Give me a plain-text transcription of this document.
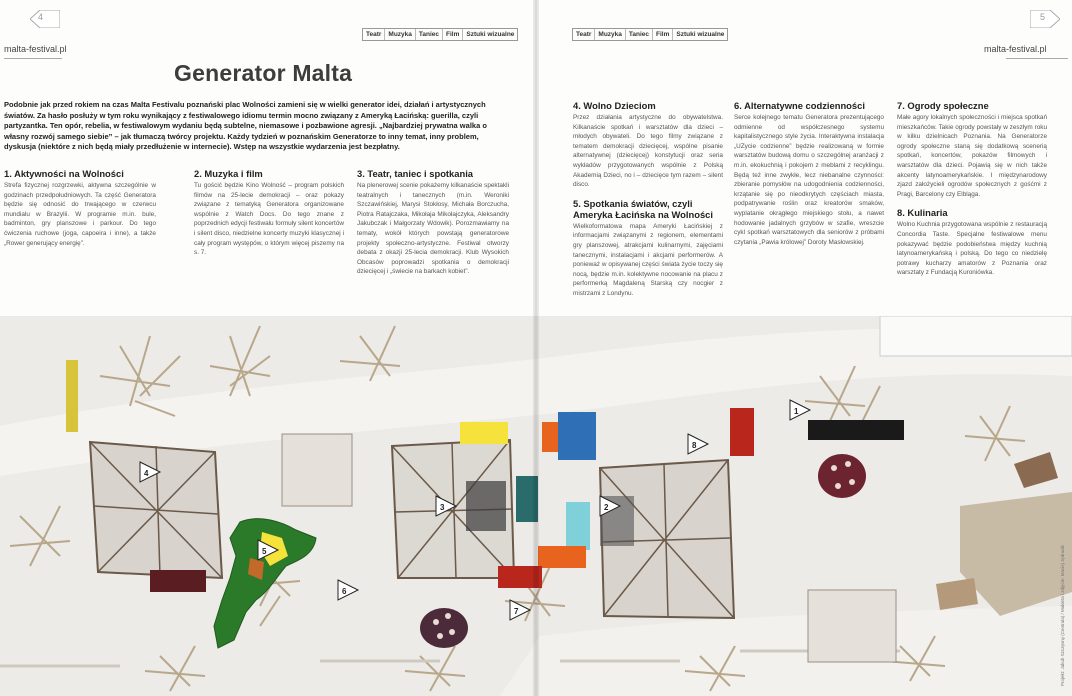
4
malta-festival.pl
Teatr	Muzyka	Taniec	Film	Sztuki wizualne
Generator Malta

Podobnie jak przed rokiem na czas Malta Festivalu poznański plac Wolności zamieni się w wielki generator idei, działań i artystycznych światów. Za hasło posłuży w tym roku wynikający z festiwalowego idiomu termin mocno związany z Ameryką Łacińską: guerilla, czyli partyzantka. Ten opór, rebelia, w festiwalowym wydaniu będą subtelne, niemasowe i pozbawione agresji. „Najbardziej prywatna walka o własny rozwój samego siebie” – jak tłumaczą twórcy projektu. Każdy tydzień w poznańskim Generatorze to inny temat, inny problem, dyskusja (niektóre z nich będą miały przedłużenie w internecie). Wstęp na wszystkie wydarzenia jest bezpłatny.

1. Aktywności na Wolności

Strefa fizycznej rozgrzewki, aktywna szczególnie w godzinach przedpołudniowych. Ta część Generatora będzie się odnosić do trwającego w czerwcu mundialu w Brazylii. W programie m.in. bule, badminton, gry planszowe i parkour. Do tego ćwiczenia ruchowe (joga, capoeira i inne), a także „Rower generujący energię”.

2. Muzyka i film

Tu gościć będzie Kino Wolność – program polskich filmów na 25-lecie demokracji – oraz pokazy związane z tematyką Generatora organizowane wspólnie z Watch Docs. Do tego znane z poprzednich edycji festiwalu formuły silent koncertów i silent disco, niedzielne koncerty muzyki klasycznej i cały program występów, o którym więcej piszemy na s. 7.

3. Teatr, taniec i spotkania

Na plenerowej scenie pokażemy kilkanaście spektakli teatralnych i tanecznych (m.in. Weroniki Szczawińskiej, Marysi Stokłosy, Michała Borczucha, Piotra Ratajczaka, Mikołaja Mikołajczyka, Aleksandry Jakubczak i Małgorzaty Wdowik). Porozmawiamy na tematy, wokół których powstają generatorowe projekty społeczno-artystyczne. Festiwal otworzy debata z okazji 25-lecia demokracji. Klub Wysokich Obcasów poprowadzi spotkania o demokracji dziecięcej i „świecie na barkach kobiet”.

5
malta-festival.pl
Teatr	Muzyka	Taniec	Film	Sztuki wizualne
4. Wolno Dzieciom

Przez działania artystyczne do obywatelstwa. Kilkanaście spotkań i warsztatów dla dzieci – młodych obywateli. Do tego filmy związane z tematem demokracji dziecięcej, wspólne pisanie alternatywnej (dziecięcej) konstytucji oraz seria wykładów przygotowanych wspólnie z Polską Akademią Dzieci, no i – dziecięce tym razem – silent disco.

5. Spotkania światów, czyli Ameryka Łacińska na Wolności

Wielkoformatowa mapa Ameryki Łacińskiej z informacjami związanymi z regionem, elementami gry planszowej, atrakcjami kulinarnymi, zajęciami tanecznymi, instalacjami i akcjami performerów. A ponieważ w opisywanej części świata życie toczy się nocą, będzie m.in. kolektywne nocowanie na placu z performerką Magdaleną Starską czy nocgier z mistrzami z Londynu.

6. Alternatywne codzienności

Serce kolejnego tematu Generatora prezentującego odmienne od współczesnego systemu kapitalistycznego style życia. Interaktywna instalacja „UZycie codzienne” będzie realizowaną w formie warsztatów budową domu o szczególnej aranżacji z m.in. ekokuchnią i pokojem z meblami z recyklingu. Będą też inne zwykłe, lecz niebanalne czynności: zbieranie pomysłów na udogodnienia codzienności, krzątanie się po nieodkrytych częściach miasta, podpatrywanie roślin oraz kreatorów smaków, wyplatanie okrągłego miejskiego stołu, a nawet hodowanie jadalnych grzybów w szafie, wreszcie cykl spotkań warsztatowych dla seniorów z próbami czytania „Pawia królowej” Doroty Masłowskiej.

7. Ogrody społeczne

Małe agory lokalnych społeczności i miejsca spotkań mieszkańców. Takie ogrody powstały w zeszłym roku w kilku dzielnicach Poznania. Na Generatorze ogrody społeczne staną się dodatkową scenerią spotkań, koncertów, pokazów filmowych i warsztatów dla dzieci. Pojawią się w nich także akcenty latynoamerykańskie. I międzynarodowy zjazd założycieli ogrodów społecznych z gośćmi z Pragi, Barcelony czy Elbląga.

8. Kulinaria

Wolno Kuchnia przygotowana wspólnie z restauracją Concordia Taste. Specjalne festiwalowe menu pokazywać będzie podobieństwa między kuchnią latynoamerykańską i polską. Do tego co niedzielę potrawy kucharzy amatorów z Poznania oraz warsztaty z Fundacją Kuroniówka.

1
2
3
4
5
6
7
8
Projekt: Jakub Szczęsny (Centrala) / Makieta i zdjęcie: Maciej Jędrasik
